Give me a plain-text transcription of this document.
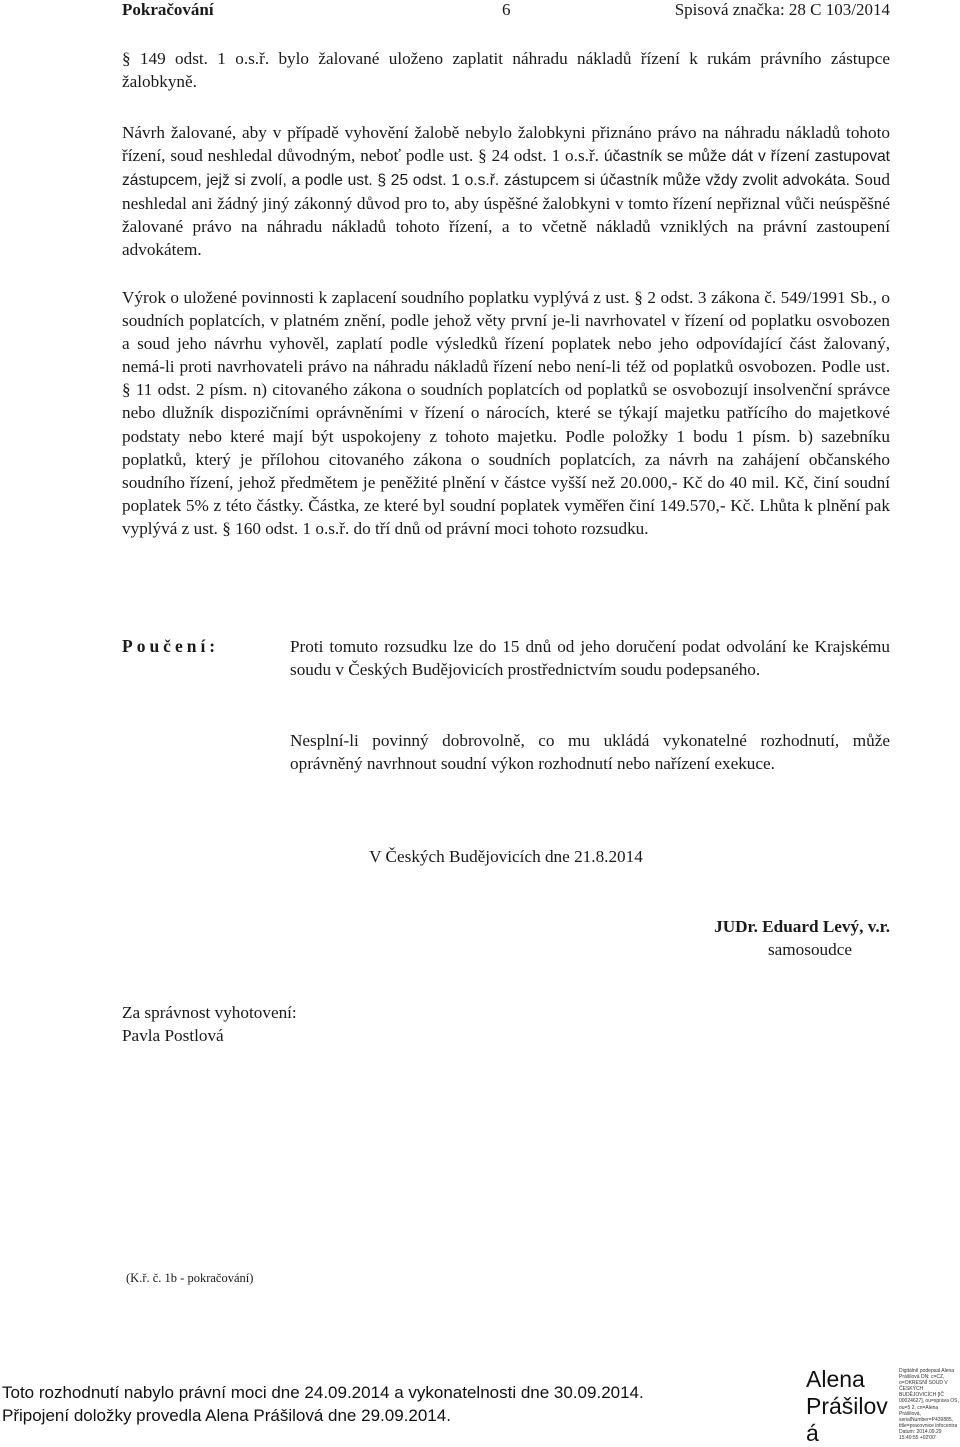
Pokračování	6	Spisová značka: 28 C 103/2014

§ 149 odst. 1 o.s.ř. bylo žalované uloženo zaplatit náhradu nákladů řízení k rukám právního zástupce žalobkyně.

Návrh žalované, aby v případě vyhovění žalobě nebylo žalobkyni přiznáno právo na náhradu nákladů tohoto řízení, soud neshledal důvodným, neboť podle ust. § 24 odst. 1 o.s.ř. účastník se může dát v řízení zastupovat zástupcem, jejž si zvolí, a podle ust. § 25 odst. 1 o.s.ř. zástupcem si účastník může vždy zvolit advokáta. Soud neshledal ani žádný jiný zákonný důvod pro to, aby úspěšné žalobkyni v tomto řízení nepřiznal vůči neúspěšné žalované právo na náhradu nákladů tohoto řízení, a to včetně nákladů vzniklých na právní zastoupení advokátem.

Výrok o uložené povinnosti k zaplacení soudního poplatku vyplývá z ust. § 2 odst. 3 zákona č. 549/1991 Sb., o soudních poplatcích, v platném znění, podle jehož věty první je-li navrhovatel v řízení od poplatku osvobozen a soud jeho návrhu vyhověl, zaplatí podle výsledků řízení poplatek nebo jeho odpovídající část žalovaný, nemá-li proti navrhovateli právo na náhradu nákladů řízení nebo není-li též od poplatků osvobozen. Podle ust. § 11 odst. 2 písm. n) citovaného zákona o soudních poplatcích od poplatků se osvobozují insolvenční správce nebo dlužník dispozičními oprávněními v řízení o nárocích, které se týkají majetku patřícího do majetkové podstaty nebo které mají být uspokojeny z tohoto majetku. Podle položky 1 bodu 1 písm. b) sazebníku poplatků, který je přílohou citovaného zákona o soudních poplatcích, za návrh na zahájení občanského soudního řízení, jehož předmětem je peněžité plnění v částce vyšší než 20.000,- Kč do 40 mil. Kč, činí soudní poplatek 5% z této částky. Částka, ze které byl soudní poplatek vyměřen činí 149.570,- Kč. Lhůta k plnění pak vyplývá z ust. § 160 odst. 1 o.s.ř. do tří dnů od právní moci tohoto rozsudku.

Poučení:	Proti tomuto rozsudku lze do 15 dnů od jeho doručení podat odvolání ke Krajskému soudu v Českých Budějovicích prostřednictvím soudu podepsaného.

Nesplní-li povinný dobrovolně, co mu ukládá vykonatelné rozhodnutí, může oprávněný navrhnout soudní výkon rozhodnutí nebo nařízení exekuce.

V Českých Budějovicích dne 21.8.2014
JUDr. Eduard Levý, v.r.
samosoudce
Za správnost vyhotovení:
Pavla Postlová
(K.ř. č. 1b - pokračování)
Toto rozhodnutí nabylo právní moci dne 24.09.2014 a vykonatelnosti dne 30.09.2014.
Připojení doložky provedla Alena Prášilová dne 29.09.2014.
Alena
Prášilov
á
Digitálně podepsal Alena Prášilová DN: c=CZ, o=OKRESNÍ SOUD V ČESKÝCH BUDĚJOVICÍCH [IČ 00024627], ou=správa OS, ou=5 2, cn=Alena Prášilová, serialNumber=P439885, title=pracovnice infocentra Datum: 2014.09.29 15:40:55 +02'00'
